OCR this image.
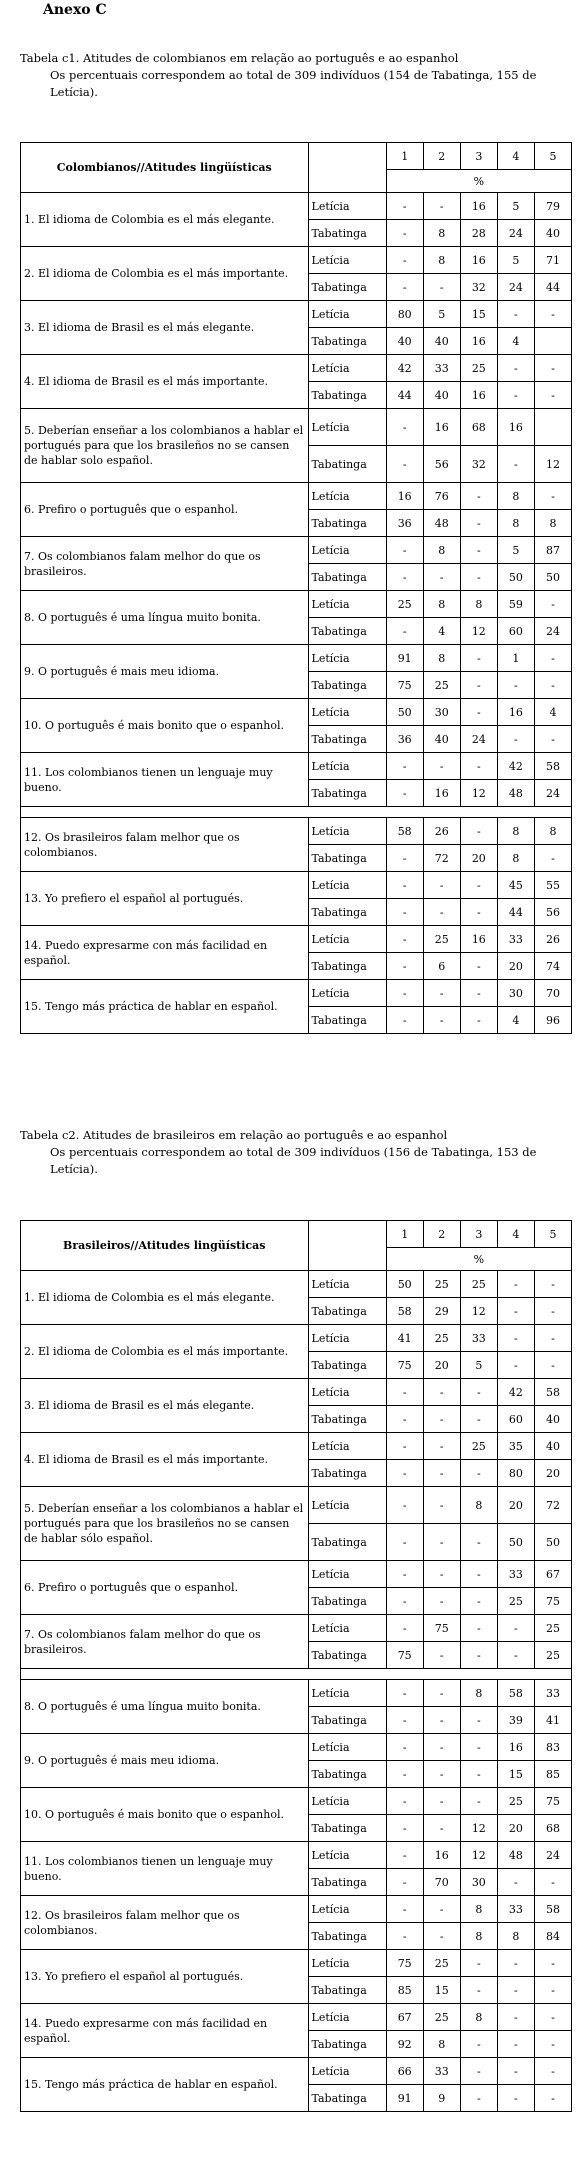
Anexo C
Tabela c1. Atitudes de colombianos em relação ao português e ao espanhol
Os percentuais correspondem ao total de 309 indivíduos (154 de Tabatinga, 155 de Letícia).
Colombianos//Atitudes lingüísticas		1	2	3	4	5
		%				
1. El idioma de Colombia es el más elegante.	Letícia	-	-	16	5	79
	Tabatinga	-	8	28	24	40
2. El idioma de Colombia es el más importante.	Letícia	-	8	16	5	71
	Tabatinga	-	-	32	24	44
3. El idioma de Brasil es el más elegante.	Letícia	80	5	15	-	-
	Tabatinga	40	40	16	4	
4. El idioma de Brasil es el más importante.	Letícia	42	33	25	-	-
	Tabatinga	44	40	16	-	-
5. Deberían enseñar a los colombianos a hablar el portugués para que los brasileños no se cansen de hablar solo español.	Letícia	-	16	68	16	
	Tabatinga	-	56	32	-	12
6. Prefiro o português que o espanhol.	Letícia	16	76	-	8	-
	Tabatinga	36	48	-	8	8
7. Os colombianos falam melhor do que os brasileiros.	Letícia	-	8	-	5	87
	Tabatinga	-	-	-	50	50
8. O português é uma língua muito bonita.	Letícia	25	8	8	59	-
	Tabatinga	-	4	12	60	24
9. O português é mais meu idioma.	Letícia	91	8	-	1	-
	Tabatinga	75	25	-	-	-
10. O português é mais bonito que o espanhol.	Letícia	50	30	-	16	4
	Tabatinga	36	40	24	-	-
11. Los colombianos tienen un lenguaje muy bueno.	Letícia	-	-	-	42	58
	Tabatinga	-	16	12	48	24

12. Os brasileiros falam melhor que os colombianos.	Letícia	58	26	-	8	8
	Tabatinga	-	72	20	8	-
13. Yo prefiero el español al portugués.	Letícia	-	-	-	45	55
	Tabatinga	-	-	-	44	56
14. Puedo expresarme con más facilidad en español.	Letícia	-	25	16	33	26
	Tabatinga	-	6	-	20	74
15. Tengo más práctica de hablar en español.	Letícia	-	-	-	30	70
	Tabatinga	-	-	-	4	96
Tabela c2. Atitudes de brasileiros em relação ao português e ao espanhol
Os percentuais correspondem ao total de 309 indivíduos (156 de Tabatinga, 153 de Letícia).
Brasileiros//Atitudes lingüísticas		1	2	3	4	5
		%				
1. El idioma de Colombia es el más elegante.	Letícia	50	25	25	-	-
	Tabatinga	58	29	12	-	-
2. El idioma de Colombia es el más importante.	Letícia	41	25	33	-	-
	Tabatinga	75	20	5	-	-
3. El idioma de Brasil es el más elegante.	Letícia	-	-	-	42	58
	Tabatinga	-	-	-	60	40
4. El idioma de Brasil es el más importante.	Letícia	-	-	25	35	40
	Tabatinga	-	-	-	80	20
5. Deberían enseñar a los colombianos a hablar el portugués para que los brasileños no se cansen de hablar sólo español.	Letícia	-	-	8	20	72
	Tabatinga	-	-	-	50	50
6. Prefiro o português que o espanhol.	Letícia	-	-	-	33	67
	Tabatinga	-	-	-	25	75
7. Os colombianos falam melhor do que os brasileiros.	Letícia	-	75	-	-	25
	Tabatinga	75	-	-	-	25

8. O português é uma língua muito bonita.	Letícia	-	-	8	58	33
	Tabatinga	-	-	-	39	41
9. O português é mais meu idioma.	Letícia	-	-	-	16	83
	Tabatinga	-	-	-	15	85
10. O português é mais bonito que o espanhol.	Letícia	-	-	-	25	75
	Tabatinga	-	-	12	20	68
11. Los colombianos tienen un lenguaje muy bueno.	Letícia	-	16	12	48	24
	Tabatinga	-	70	30	-	-
12. Os brasileiros falam melhor que os colombianos.	Letícia	-	-	8	33	58
	Tabatinga	-	-	8	8	84
13. Yo prefiero el español al portugués.	Letícia	75	25	-	-	-
	Tabatinga	85	15	-	-	-
14. Puedo expresarme con más facilidad en español.	Letícia	67	25	8	-	-
	Tabatinga	92	8	-	-	-
15. Tengo más práctica de hablar en español.	Letícia	66	33	-	-	-
	Tabatinga	91	9	-	-	-
